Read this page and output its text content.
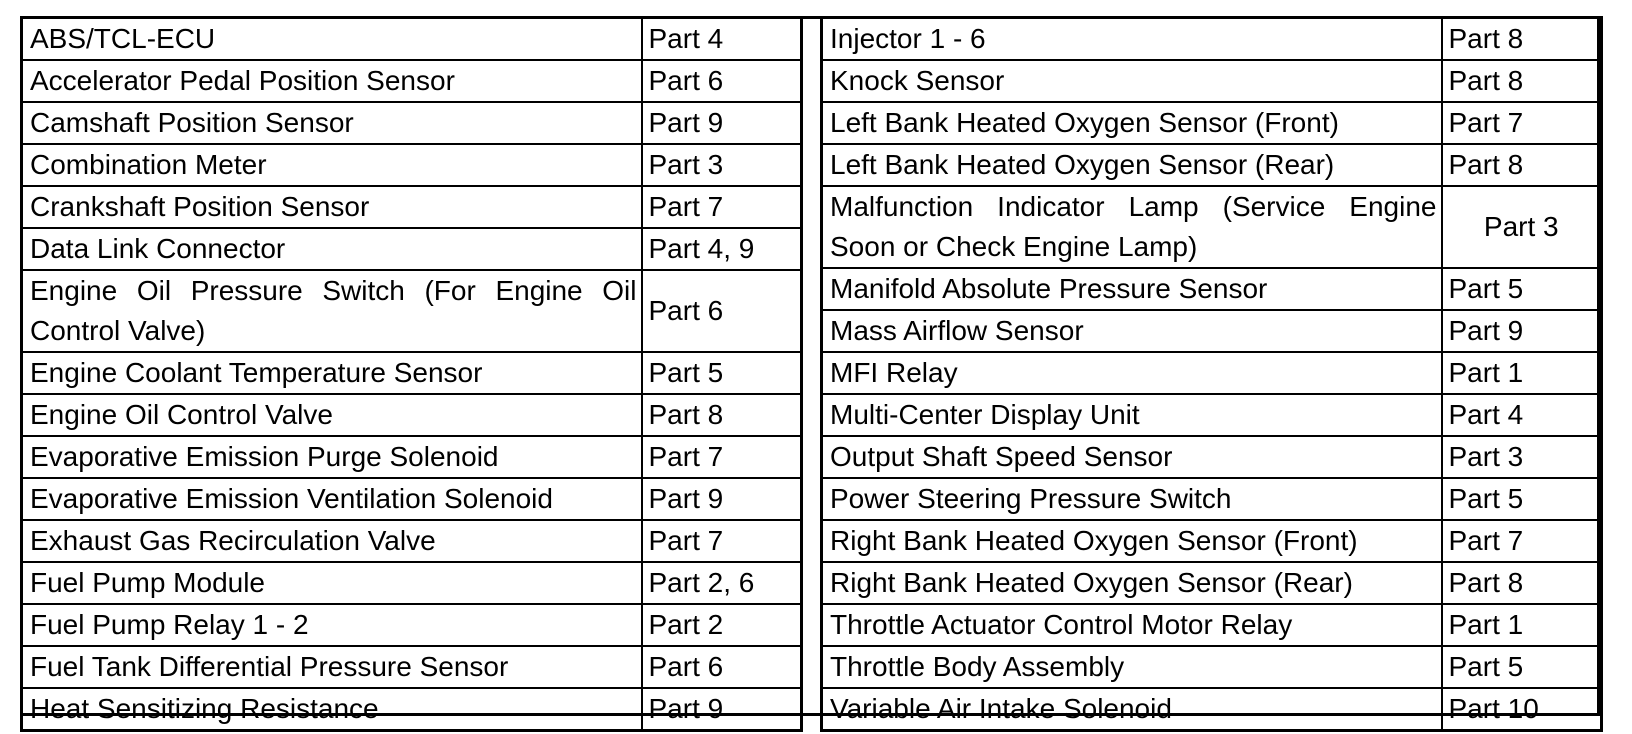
ABS/TCL-ECU	Part 4
Accelerator Pedal Position Sensor	Part 6
Camshaft Position Sensor	Part 9
Combination Meter	Part 3
Crankshaft Position Sensor	Part 7
Data Link Connector	Part 4, 9
Engine Oil Pressure Switch (For Engine Oil Control Valve)	Part 6
Engine Coolant Temperature Sensor	Part 5
Engine Oil Control Valve	Part 8
Evaporative Emission Purge Solenoid	Part 7
Evaporative Emission Ventilation Solenoid	Part 9
Exhaust Gas Recirculation Valve	Part 7
Fuel Pump Module	Part 2, 6
Fuel Pump Relay 1 - 2	Part 2
Fuel Tank Differential Pressure Sensor	Part 6
Heat Sensitizing Resistance	Part 9
Injector 1 - 6	Part 8
Knock Sensor	Part 8
Left Bank Heated Oxygen Sensor (Front)	Part 7
Left Bank Heated Oxygen Sensor (Rear)	Part 8
Malfunction Indicator Lamp (Service Engine Soon or Check Engine Lamp)	Part 3
Manifold Absolute Pressure Sensor	Part 5
Mass Airflow Sensor	Part 9
MFI Relay	Part 1
Multi-Center Display Unit	Part 4
Output Shaft Speed Sensor	Part 3
Power Steering Pressure Switch	Part 5
Right Bank Heated Oxygen Sensor (Front)	Part 7
Right Bank Heated Oxygen Sensor (Rear)	Part 8
Throttle Actuator Control Motor Relay	Part 1
Throttle Body Assembly	Part 5
Variable Air Intake Solenoid	Part 10
